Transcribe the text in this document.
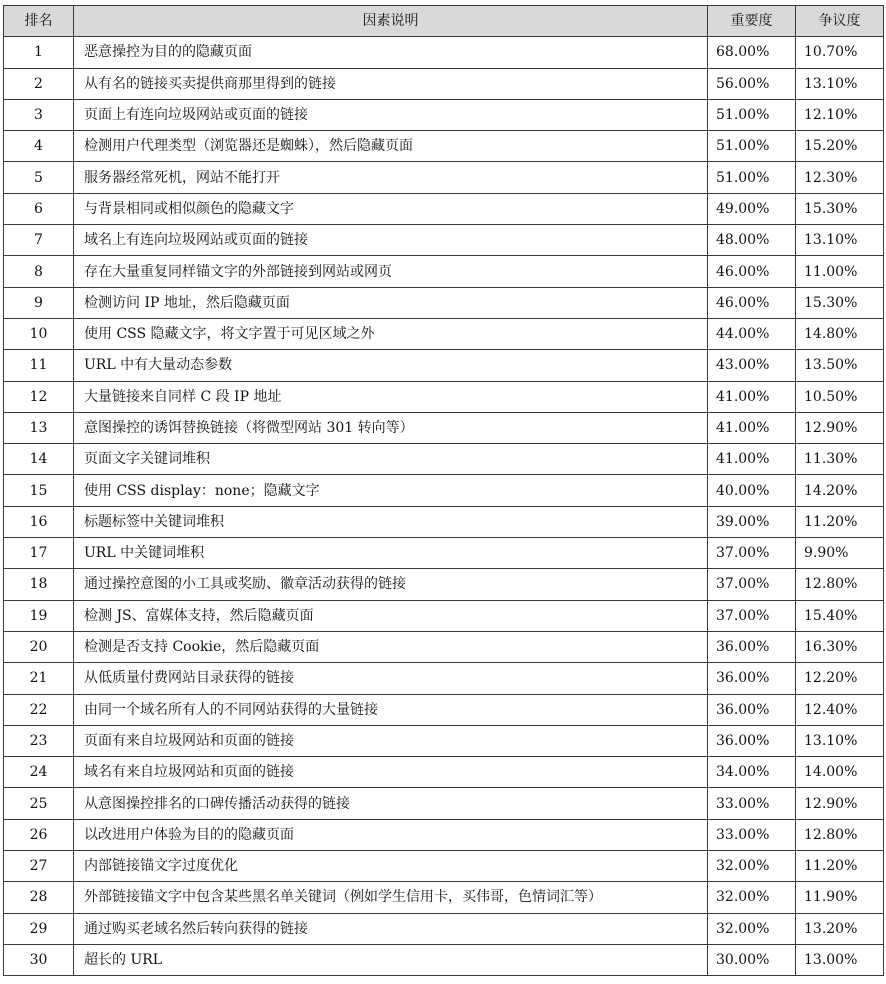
排名	因素说明	重要度	争议度
1	恶意操控为目的的隐藏页面	68.00%	10.70%
2	从有名的链接买卖提供商那里得到的链接	56.00%	13.10%
3	页面上有连向垃圾网站或页面的链接	51.00%	12.10%
4	检测用户代理类型（浏览器还是蜘蛛），然后隐藏页面	51.00%	15.20%
5	服务器经常死机，网站不能打开	51.00%	12.30%
6	与背景相同或相似颜色的隐藏文字	49.00%	15.30%
7	域名上有连向垃圾网站或页面的链接	48.00%	13.10%
8	存在大量重复同样锚文字的外部链接到网站或网页	46.00%	11.00%
9	检测访问 IP 地址，然后隐藏页面	46.00%	15.30%
10	使用 CSS 隐藏文字，将文字置于可见区域之外	44.00%	14.80%
11	URL 中有大量动态参数	43.00%	13.50%
12	大量链接来自同样 C 段 IP 地址	41.00%	10.50%
13	意图操控的诱饵替换链接（将微型网站 301 转向等）	41.00%	12.90%
14	页面文字关键词堆积	41.00%	11.30%
15	使用 CSS display：none；隐藏文字	40.00%	14.20%
16	标题标签中关键词堆积	39.00%	11.20%
17	URL 中关键词堆积	37.00%	9.90%
18	通过操控意图的小工具或奖励、徽章活动获得的链接	37.00%	12.80%
19	检测 JS、富媒体支持，然后隐藏页面	37.00%	15.40%
20	检测是否支持 Cookie，然后隐藏页面	36.00%	16.30%
21	从低质量付费网站目录获得的链接	36.00%	12.20%
22	由同一个域名所有人的不同网站获得的大量链接	36.00%	12.40%
23	页面有来自垃圾网站和页面的链接	36.00%	13.10%
24	域名有来自垃圾网站和页面的链接	34.00%	14.00%
25	从意图操控排名的口碑传播活动获得的链接	33.00%	12.90%
26	以改进用户体验为目的的隐藏页面	33.00%	12.80%
27	内部链接锚文字过度优化	32.00%	11.20%
28	外部链接锚文字中包含某些黑名单关键词（例如学生信用卡，买伟哥，色情词汇等）	32.00%	11.90%
29	通过购买老域名然后转向获得的链接	32.00%	13.20%
30	超长的 URL	30.00%	13.00%
